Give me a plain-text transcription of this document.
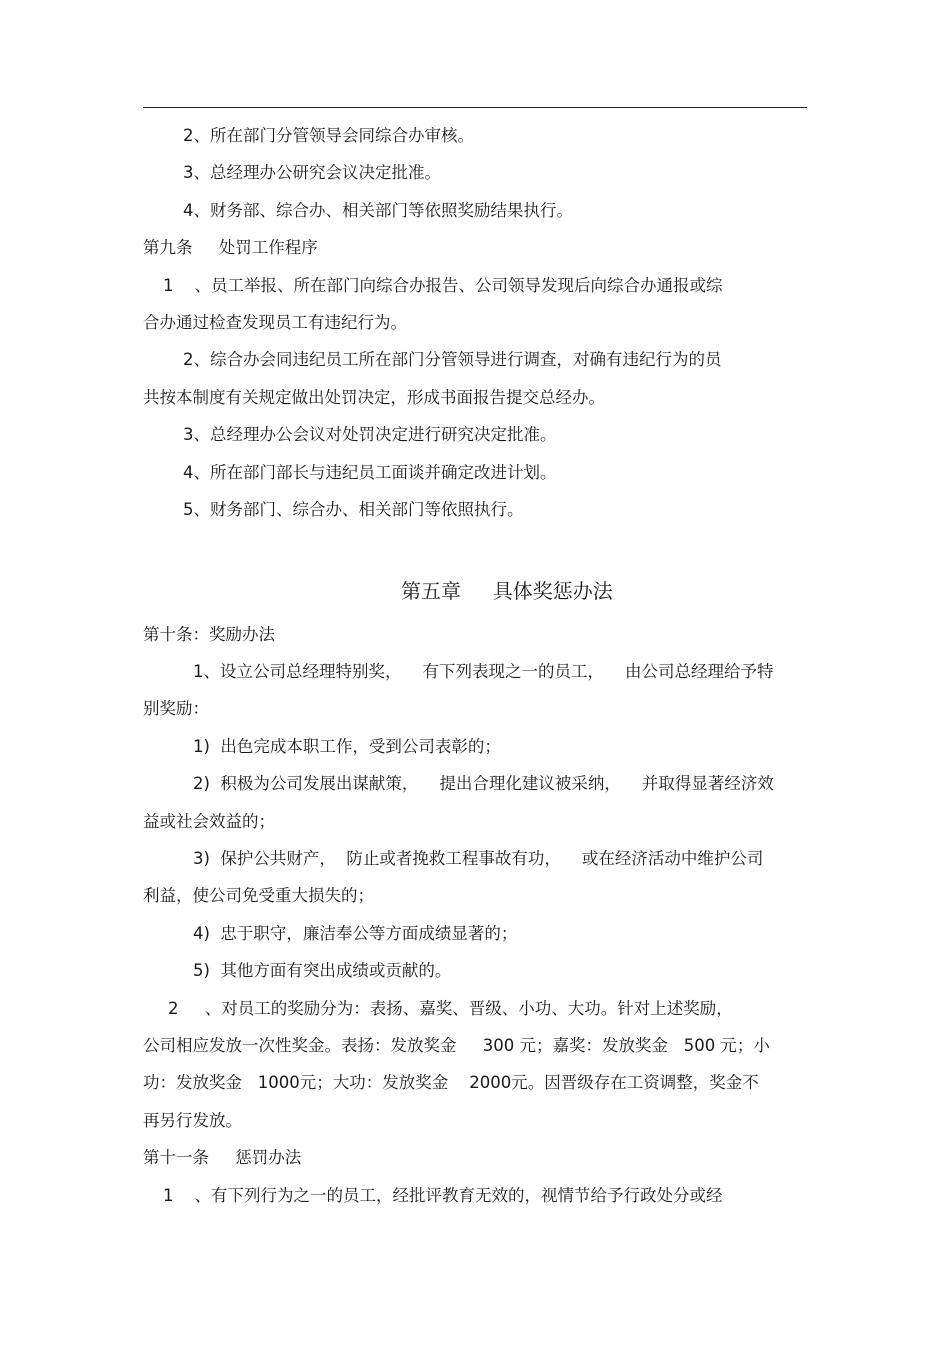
2、所在部门分管领导会同综合办审核。

3、总经理办公研究会议决定批准。

4、财务部、综合办、相关部门等依照奖励结果执行。

第九条     处罚工作程序

1    、员工举报、所在部门向综合办报告、公司领导发现后向综合办通报或综

合办通过检查发现员工有违纪行为。

2、综合办会同违纪员工所在部门分管领导进行调查，对确有违纪行为的员

共按本制度有关规定做出处罚决定，形成书面报告提交总经办。

3、总经理办公会议对处罚决定进行研究决定批准。

4、所在部门部长与违纪员工面谈并确定改进计划。

5、财务部门、综合办、相关部门等依照执行。

第五章     具体奖惩办法

第十条：奖励办法

1、设立公司总经理特别奖，    有下列表现之一的员工，    由公司总经理给予特

别奖励：

1)  出色完成本职工作，受到公司表彰的；

2)  积极为公司发展出谋献策，    提出合理化建议被采纳，    并取得显著经济效

益或社会效益的；

3)  保护公共财产，  防止或者挽救工程事故有功，    或在经济活动中维护公司

利益，使公司免受重大损失的；

4)  忠于职守，廉洁奉公等方面成绩显著的；

5)  其他方面有突出成绩或贡献的。

2     、对员工的奖励分为：表扬、嘉奖、晋级、小功、大功。针对上述奖励，

公司相应发放一次性奖金。表扬：发放奖金     300 元；嘉奖：发放奖金   500 元；小

功：发放奖金   1000元；大功：发放奖金    2000元。因晋级存在工资调整，奖金不

再另行发放。

第十一条     惩罚办法

1    、有下列行为之一的员工，经批评教育无效的，视情节给予行政处分或经
